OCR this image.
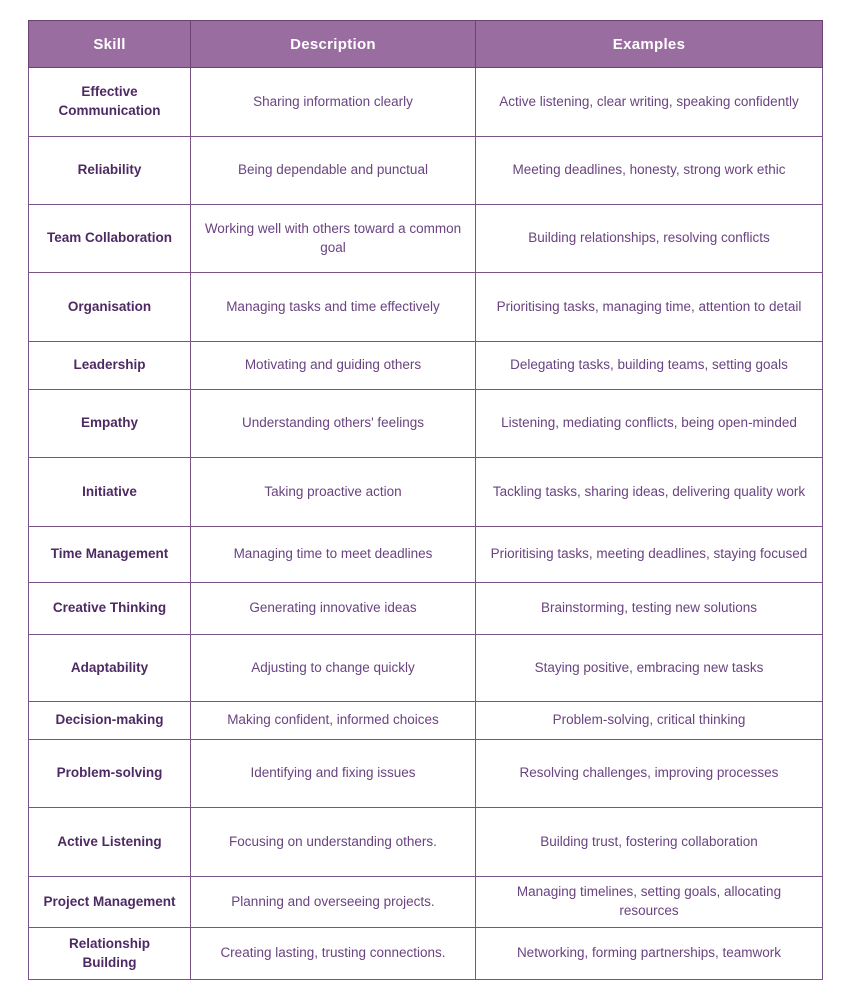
Skill	Description	Examples
Effective Communication	Sharing information clearly	Active listening, clear writing, speaking confidently
Reliability	Being dependable and punctual	Meeting deadlines, honesty, strong work ethic
Team Collaboration	Working well with others toward a common goal	Building relationships, resolving conflicts
Organisation	Managing tasks and time effectively	Prioritising tasks, managing time, attention to detail
Leadership	Motivating and guiding others	Delegating tasks, building teams, setting goals
Empathy	Understanding others' feelings	Listening, mediating conflicts, being open-minded
Initiative	Taking proactive action	Tackling tasks, sharing ideas, delivering quality work
Time Management	Managing time to meet deadlines	Prioritising tasks, meeting deadlines, staying focused
Creative Thinking	Generating innovative ideas	Brainstorming, testing new solutions
Adaptability	Adjusting to change quickly	Staying positive, embracing new tasks
Decision-making	Making confident, informed choices	Problem-solving, critical thinking
Problem-solving	Identifying and fixing issues	Resolving challenges, improving processes
Active Listening	Focusing on understanding others.	Building trust, fostering collaboration
Project Management	Planning and overseeing projects.	Managing timelines, setting goals, allocating resources
Relationship Building	Creating lasting, trusting connections.	Networking, forming partnerships, teamwork
